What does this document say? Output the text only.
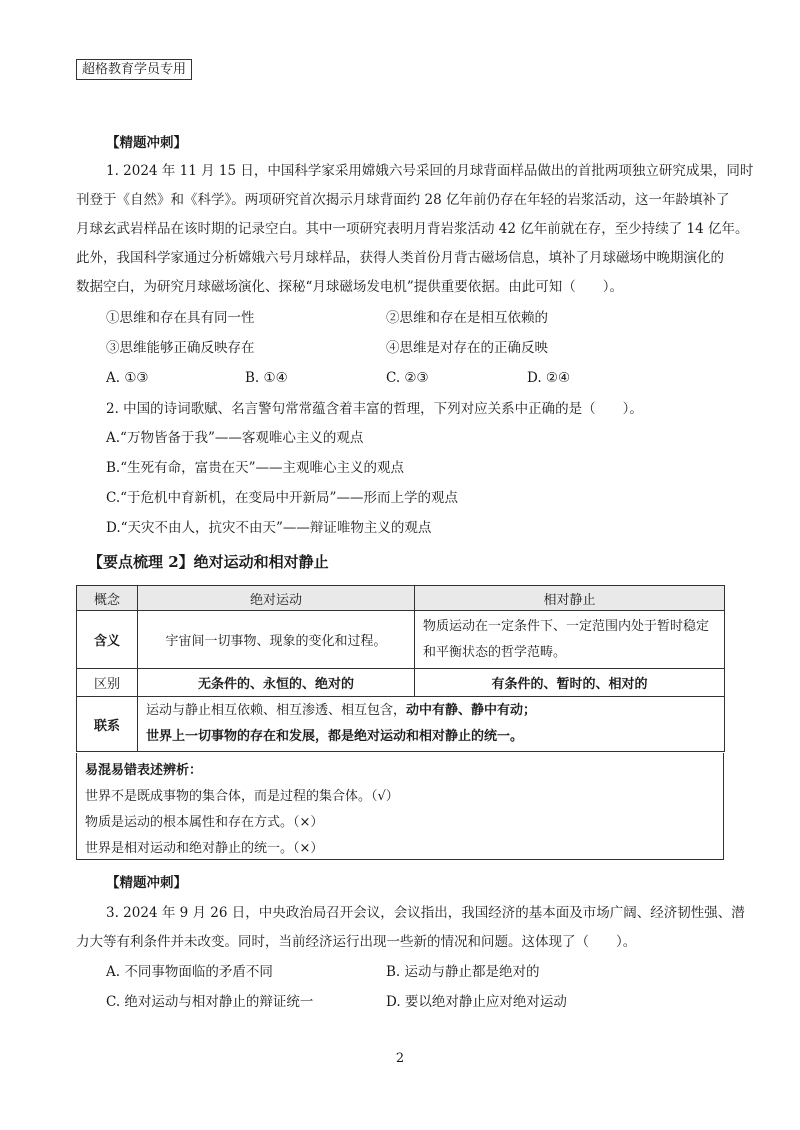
超格教育学员专用
【精题冲刺】
1. 2024 年 11 月 15 日，中国科学家采用嫦娥六号采回的月球背面样品做出的首批两项独立研究成果，同时
刊登于《自然》和《科学》。两项研究首次揭示月球背面约 28 亿年前仍存在年轻的岩浆活动，这一年龄填补了
月球玄武岩样品在该时期的记录空白。其中一项研究表明月背岩浆活动 42 亿年前就在存，至少持续了 14 亿年。
此外，我国科学家通过分析嫦娥六号月球样品，获得人类首份月背古磁场信息，填补了月球磁场中晚期演化的
数据空白，为研究月球磁场演化、探秘“月球磁场发电机”提供重要依据。由此可知（　　）。
①思维和存在具有同一性	②思维和存在是相互依赖的
③思维能够正确反映存在	④思维是对存在的正确反映
A. ①③	B. ①④	C. ②③	D. ②④
2. 中国的诗词歌赋、名言警句常常蕴含着丰富的哲理，下列对应关系中正确的是（　　）。
A.“万物皆备于我”——客观唯心主义的观点
B.“生死有命，富贵在天”——主观唯心主义的观点
C.“于危机中育新机，在变局中开新局”——形而上学的观点
D.“天灾不由人，抗灾不由天”——辩证唯物主义的观点
【要点梳理 2】绝对运动和相对静止
概念	绝对运动	相对静止
含义	宇宙间一切事物、现象的变化和过程。	物质运动在一定条件下、一定范围内处于暂时稳定
和平衡状态的哲学范畴。

区别	无条件的、永恒的、绝对的	有条件的、暂时的、相对的
联系	运动与静止相互依赖、相互渗透、相互包含，动中有静、静中有动；
世界上一切事物的存在和发展，都是绝对运动和相对静止的统一。	
易混易错表述辨析：
世界不是既成事物的集合体，而是过程的集合体。（√）
物质是运动的根本属性和存在方式。（×）
世界是相对运动和绝对静止的统一。（×）
【精题冲刺】
3. 2024 年 9 月 26 日，中央政治局召开会议，会议指出，我国经济的基本面及市场广阔、经济韧性强、潜
力大等有利条件并未改变。同时，当前经济运行出现一些新的情况和问题。这体现了（　　）。
A. 不同事物面临的矛盾不同	B. 运动与静止都是绝对的
C. 绝对运动与相对静止的辩证统一	D. 要以绝对静止应对绝对运动
2
